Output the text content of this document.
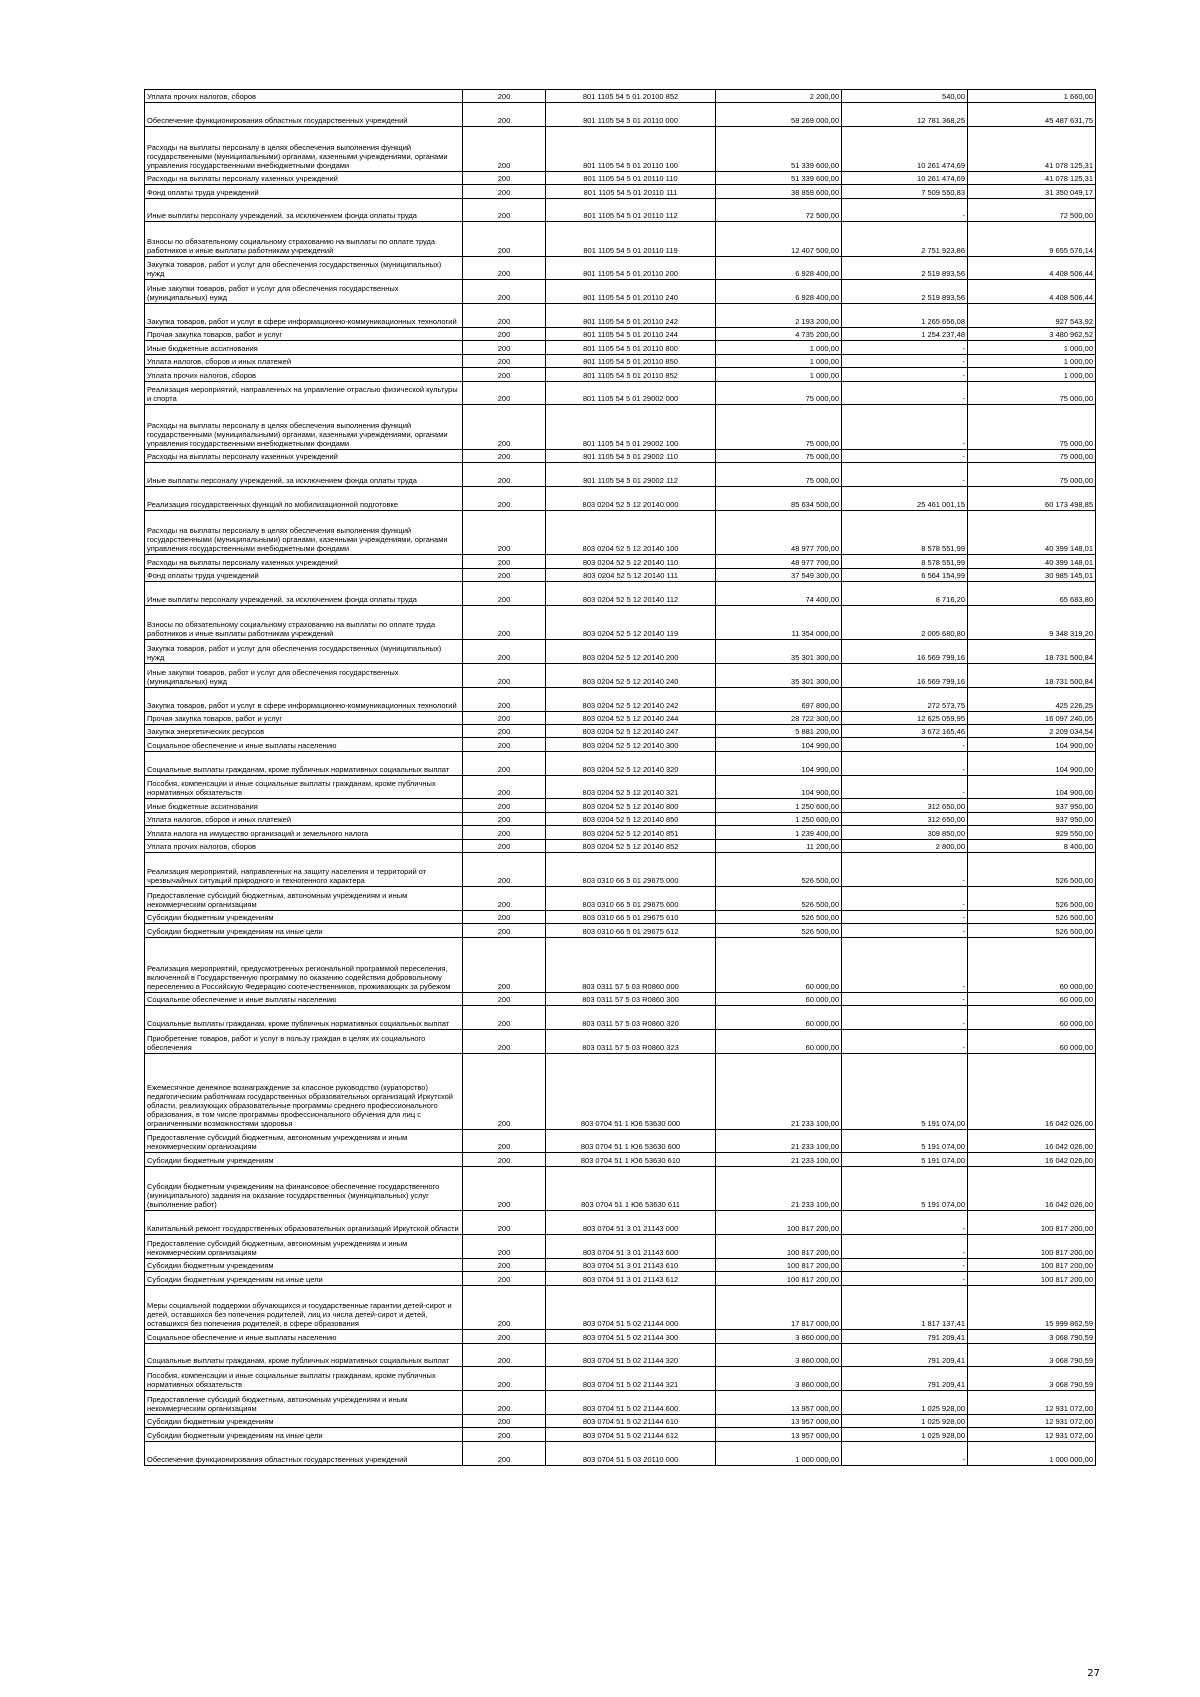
Уплата прочих налогов, сборов	200	801 1105 54 5 01 20100 852	2 200,00	540,00	1 660,00
Обеспечение функционирования областных государственных учреждений	200	801 1105 54 5 01 20110 000	58 269 000,00	12 781 368,25	45 487 631,75
Расходы на выплаты персоналу в целях обеспечения выполнения функций государственными (муниципальными) органами, казенными учреждениями, органами управления государственными внебюджетными фондами	200	801 1105 54 5 01 20110 100	51 339 600,00	10 261 474,69	41 078 125,31
Расходы на выплаты персоналу казенных учреждений	200	801 1105 54 5 01 20110 110	51 339 600,00	10 261 474,69	41 078 125,31
Фонд оплаты труда учреждений	200	801 1105 54 5 01 20110 111	38 859 600,00	7 509 550,83	31 350 049,17
Иные выплаты персоналу учреждений, за исключением фонда оплаты труда	200	801 1105 54 5 01 20110 112	72 500,00	-	72 500,00
Взносы по обязательному социальному страхованию на выплаты по оплате труда работников и иные выплаты работникам учреждений	200	801 1105 54 5 01 20110 119	12 407 500,00	2 751 923,86	9 655 576,14
Закупка товаров, работ и услуг для обеспечения государственных (муниципальных) нужд	200	801 1105 54 5 01 20110 200	6 928 400,00	2 519 893,56	4 408 506,44
Иные закупки товаров, работ и услуг для обеспечения государственных (муниципальных) нужд	200	801 1105 54 5 01 20110 240	6 928 400,00	2 519 893,56	4 408 506,44
Закупка товаров, работ и услуг в сфере информационно-коммуникационных технологий	200	801 1105 54 5 01 20110 242	2 193 200,00	1 265 656,08	927 543,92
Прочая закупка товаров, работ и услуг	200	801 1105 54 5 01 20110 244	4 735 200,00	1 254 237,48	3 480 962,52
Иные бюджетные ассигнования	200	801 1105 54 5 01 20110 800	1 000,00	-	1 000,00
Уплата налогов, сборов и иных платежей	200	801 1105 54 5 01 20110 850	1 000,00	-	1 000,00
Уплата прочих налогов, сборов	200	801 1105 54 5 01 20110 852	1 000,00	-	1 000,00
Реализация мероприятий, направленных на управление отраслью физической культуры и спорта	200	801 1105 54 5 01 29002 000	75 000,00	-	75 000,00
Расходы на выплаты персоналу в целях обеспечения выполнения функций государственными (муниципальными) органами, казенными учреждениями, органами управления государственными внебюджетными фондами	200	801 1105 54 5 01 29002 100	75 000,00	-	75 000,00
Расходы на выплаты персоналу казенных учреждений	200	801 1105 54 5 01 29002 110	75 000,00	-	75 000,00
Иные выплаты персоналу учреждений, за исключением фонда оплаты труда	200	801 1105 54 5 01 29002 112	75 000,00	-	75 000,00
Реализация государственных функций по мобилизационной подготовке	200	803 0204 52 5 12 20140 000	85 634 500,00	25 461 001,15	60 173 498,85
Расходы на выплаты персоналу в целях обеспечения выполнения функций государственными (муниципальными) органами, казенными учреждениями, органами управления государственными внебюджетными фондами	200	803 0204 52 5 12 20140 100	48 977 700,00	8 578 551,99	40 399 148,01
Расходы на выплаты персоналу казенных учреждений	200	803 0204 52 5 12 20140 110	48 977 700,00	8 578 551,99	40 399 148,01
Фонд оплаты труда учреждений	200	803 0204 52 5 12 20140 111	37 549 300,00	6 564 154,99	30 985 145,01
Иные выплаты персоналу учреждений, за исключением фонда оплаты труда	200	803 0204 52 5 12 20140 112	74 400,00	8 716,20	65 683,80
Взносы по обязательному социальному страхованию на выплаты по оплате труда работников и иные выплаты работникам учреждений	200	803 0204 52 5 12 20140 119	11 354 000,00	2 005 680,80	9 348 319,20
Закупка товаров, работ и услуг для обеспечения государственных (муниципальных) нужд	200	803 0204 52 5 12 20140 200	35 301 300,00	16 569 799,16	18 731 500,84
Иные закупки товаров, работ и услуг для обеспечения государственных (муниципальных) нужд	200	803 0204 52 5 12 20140 240	35 301 300,00	16 569 799,16	18 731 500,84
Закупка товаров, работ и услуг в сфере информационно-коммуникационных технологий	200	803 0204 52 5 12 20140 242	697 800,00	272 573,75	425 226,25
Прочая закупка товаров, работ и услуг	200	803 0204 52 5 12 20140 244	28 722 300,00	12 625 059,95	16 097 240,05
Закупка энергетических ресурсов	200	803 0204 52 5 12 20140 247	5 881 200,00	3 672 165,46	2 209 034,54
Социальное обеспечение и иные выплаты населению	200	803 0204 52 5 12 20140 300	104 900,00	-	104 900,00
Социальные выплаты гражданам, кроме публичных нормативных социальных выплат	200	803 0204 52 5 12 20140 320	104 900,00	-	104 900,00
Пособия, компенсации и иные социальные выплаты гражданам, кроме публичных нормативных обязательств	200	803 0204 52 5 12 20140 321	104 900,00	-	104 900,00
Иные бюджетные ассигнования	200	803 0204 52 5 12 20140 800	1 250 600,00	312 650,00	937 950,00
Уплата налогов, сборов и иных платежей	200	803 0204 52 5 12 20140 850	1 250 600,00	312 650,00	937 950,00
Уплата налога на имущество организаций и земельного налога	200	803 0204 52 5 12 20140 851	1 239 400,00	309 850,00	929 550,00
Уплата прочих налогов, сборов	200	803 0204 52 5 12 20140 852	11 200,00	2 800,00	8 400,00
Реализация мероприятий, направленных на защиту населения и территорий от чрезвычайных ситуаций природного и техногенного характера	200	803 0310 66 5 01 29675 000	526 500,00	-	526 500,00
Предоставление субсидий бюджетным, автономным учреждениям и иным некоммерческим организациям	200	803 0310 66 5 01 29675 600	526 500,00	-	526 500,00
Субсидии бюджетным учреждениям	200	803 0310 66 5 01 29675 610	526 500,00	-	526 500,00
Субсидии бюджетным учреждениям на иные цели	200	803 0310 66 5 01 29675 612	526 500,00	-	526 500,00
Реализация мероприятий, предусмотренных региональной программой переселения, включенной в Государственную программу по оказанию содействия добровольному переселению в Российскую Федерацию соотечественников, проживающих за рубежом	200	803 0311 57 5 03 R0860 000	60 000,00	-	60 000,00
Социальное обеспечение и иные выплаты населению	200	803 0311 57 5 03 R0860 300	60 000,00	-	60 000,00
Социальные выплаты гражданам, кроме публичных нормативных социальных выплат	200	803 0311 57 5 03 R0860 320	60 000,00	-	60 000,00
Приобретение товаров, работ и услуг в пользу граждан в целях их социального обеспечения	200	803 0311 57 5 03 R0860 323	60 000,00	-	60 000,00
Ежемесячное денежное вознаграждение за классное руководство (кураторство) педагогическим работникам государственных образовательных организаций Иркутской области, реализующих образовательные программы среднего профессионального образования, в том числе программы профессионального обучения для лиц с ограниченными возможностями здоровья	200	803 0704 51 1 Ю6 53630 000	21 233 100,00	5 191 074,00	16 042 026,00
Предоставление субсидий бюджетным, автономным учреждениям и иным некоммерческим организациям	200	803 0704 51 1 Ю6 53630 600	21 233 100,00	5 191 074,00	16 042 026,00
Субсидии бюджетным учреждениям	200	803 0704 51 1 Ю6 53630 610	21 233 100,00	5 191 074,00	16 042 026,00
Субсидии бюджетным учреждениям на финансовое обеспечение государственного (муниципального) задания на оказание государственных (муниципальных) услуг (выполнение работ)	200	803 0704 51 1 Ю6 53630 611	21 233 100,00	5 191 074,00	16 042 026,00
Капитальный ремонт государственных образовательных организаций Иркутской области	200	803 0704 51 3 01 21143 000	100 817 200,00	-	100 817 200,00
Предоставление субсидий бюджетным, автономным учреждениям и иным некоммерческим организациям	200	803 0704 51 3 01 21143 600	100 817 200,00	-	100 817 200,00
Субсидии бюджетным учреждениям	200	803 0704 51 3 01 21143 610	100 817 200,00	-	100 817 200,00
Субсидии бюджетным учреждениям на иные цели	200	803 0704 51 3 01 21143 612	100 817 200,00	-	100 817 200,00
Меры социальной поддержки обучающихся и государственные гарантии детей-сирот и детей, оставшихся без попечения родителей, лиц из числа детей-сирот и детей, оставшихся без попечения родителей, в сфере образования	200	803 0704 51 5 02 21144 000	17 817 000,00	1 817 137,41	15 999 862,59
Социальное обеспечение и иные выплаты населению	200	803 0704 51 5 02 21144 300	3 860 000,00	791 209,41	3 068 790,59
Социальные выплаты гражданам, кроме публичных нормативных социальных выплат	200	803 0704 51 5 02 21144 320	3 860 000,00	791 209,41	3 068 790,59
Пособия, компенсации и иные социальные выплаты гражданам, кроме публичных нормативных обязательств	200	803 0704 51 5 02 21144 321	3 860 000,00	791 209,41	3 068 790,59
Предоставление субсидий бюджетным, автономным учреждениям и иным некоммерческим организациям	200	803 0704 51 5 02 21144 600	13 957 000,00	1 025 928,00	12 931 072,00
Субсидии бюджетным учреждениям	200	803 0704 51 5 02 21144 610	13 957 000,00	1 025 928,00	12 931 072,00
Субсидии бюджетным учреждениям на иные цели	200	803 0704 51 5 02 21144 612	13 957 000,00	1 025 928,00	12 931 072,00
Обеспечение функционирования областных государственных учреждений	200	803 0704 51 5 03 20110 000	1 000 000,00	-	1 000 000,00
27
